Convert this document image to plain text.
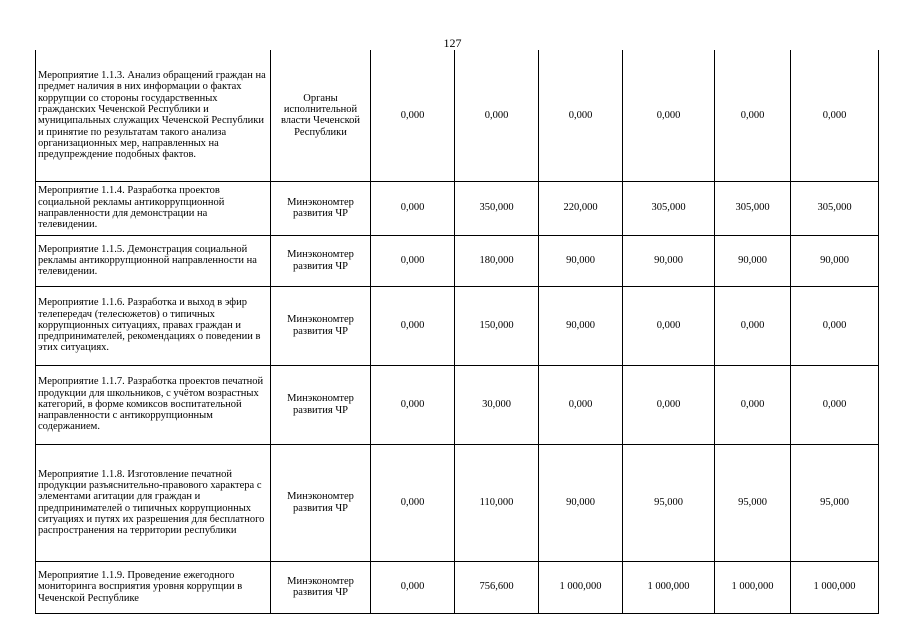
127
Мероприятие 1.1.3. Анализ обращений граждан на предмет наличия в них информации о фактах коррупции со стороны государственных гражданских Чеченской Республики и муниципальных служащих Чеченской Республики и принятие по результатам такого анализа организационных мер, направленных на предупреждение подобных фактов.	Органы исполнительной власти Чеченской Республики	0,000	0,000	0,000	0,000	0,000	0,000
Мероприятие 1.1.4. Разработка проектов социальной рекламы антикоррупционной направленности для демонстрации на телевидении.	Минэкономтер развития ЧР	0,000	350,000	220,000	305,000	305,000	305,000
Мероприятие 1.1.5. Демонстрация социальной рекламы антикоррупционной направленности на телевидении.	Минэкономтер развития ЧР	0,000	180,000	90,000	90,000	90,000	90,000
Мероприятие 1.1.6. Разработка и выход в эфир телепередач (телесюжетов) о типичных коррупционных ситуациях, правах граждан и предпринимателей, рекомендациях о поведении в этих ситуациях.	Минэкономтер развития ЧР	0,000	150,000	90,000	0,000	0,000	0,000
Мероприятие 1.1.7. Разработка проектов печатной продукции для школьников, с учётом возрастных категорий, в форме комиксов воспитательной направленности с антикоррупционным содержанием.	Минэкономтер развития ЧР	0,000	30,000	0,000	0,000	0,000	0,000
Мероприятие 1.1.8. Изготовление печатной продукции разъяснительно-правового характера с элементами агитации для граждан и предпринимателей о типичных коррупционных ситуациях и путях их разрешения для бесплатного распространения на территории республики	Минэкономтер развития ЧР	0,000	110,000	90,000	95,000	95,000	95,000
Мероприятие 1.1.9. Проведение ежегодного мониторинга восприятия уровня коррупции в Чеченской Республике	Минэкономтер развития ЧР	0,000	756,600	1 000,000	1 000,000	1 000,000	1 000,000
